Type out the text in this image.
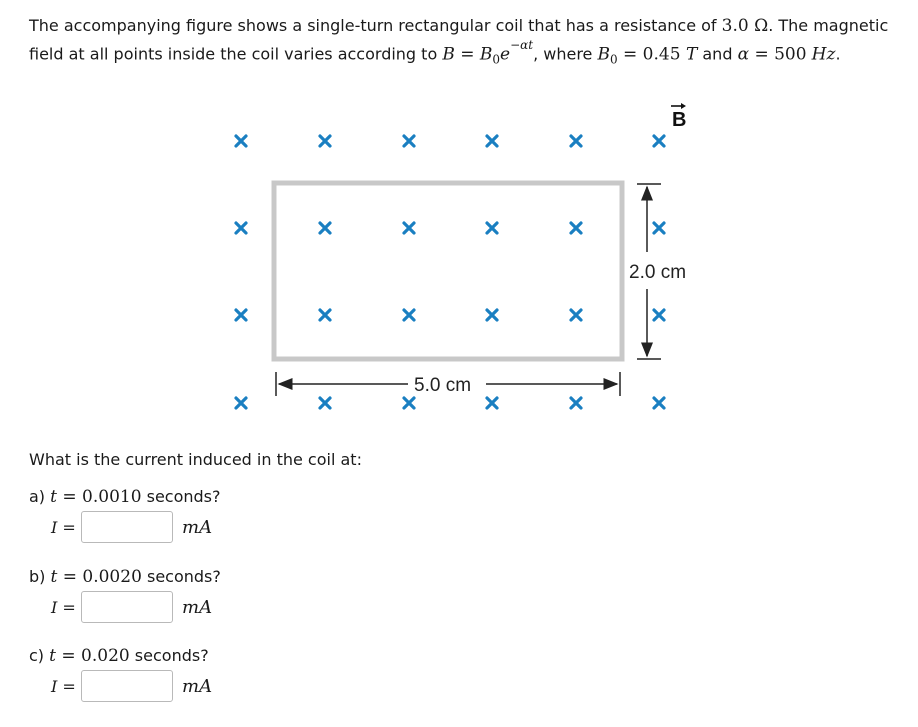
The accompanying figure shows a single-turn rectangular coil that has a resistance of 3.0 Ω. The magnetic field at all points inside the coil varies according to $B = B_0e^{-\alpha t}$, where $B_0 = 0.45$ T and α = 500 Hz.
B
2.0 cm
5.0 cm
What is the current induced in the coil at:
a) t = 0.0010 seconds?
I =	mA
b) t = 0.0020 seconds?
I =	mA
c) t = 0.020 seconds?
I =	mA
